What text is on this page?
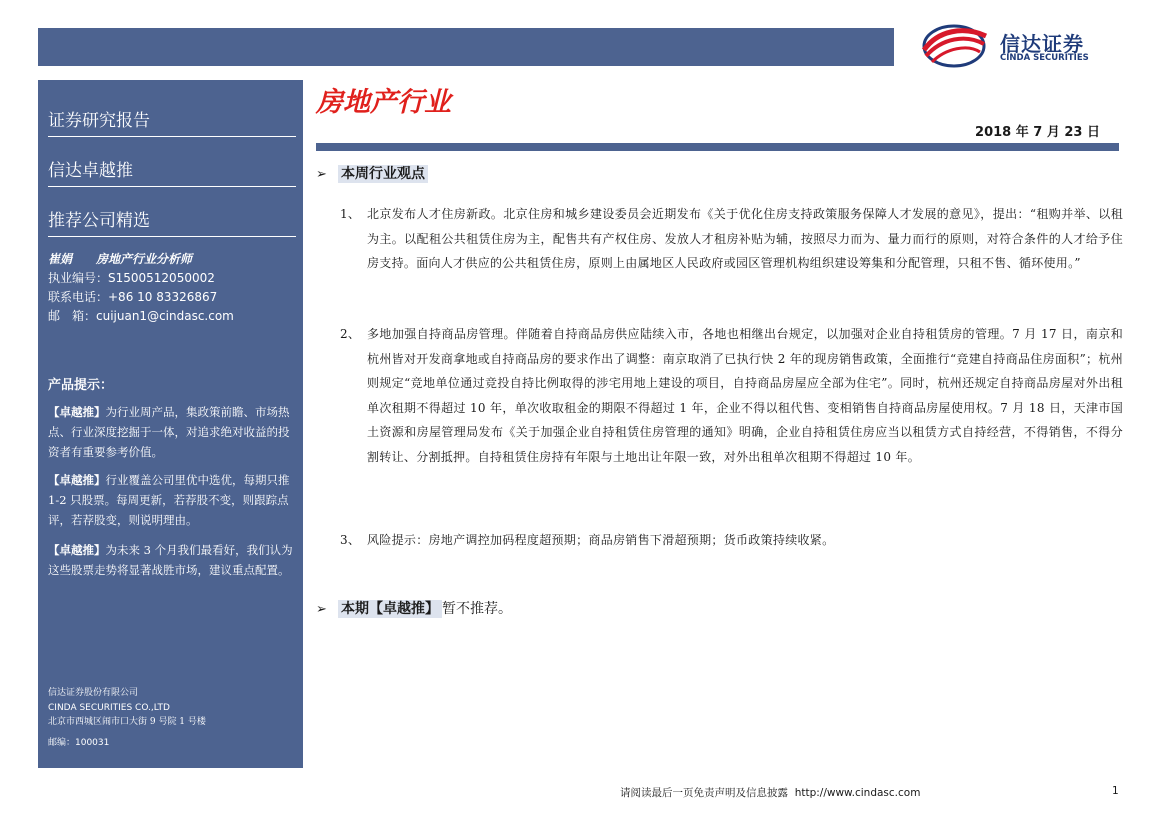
信达证券
CINDA SECURITIES
证券研究报告
信达卓越推
推荐公司精选
崔娟　　房地产行业分析师
执业编号：S1500512050002
联系电话：+86 10 83326867
邮　箱：cuijuan1@cindasc.com
产品提示：
【卓越推】为行业周产品，集政策前瞻、市场热点、行业深度挖掘于一体，对追求绝对收益的投资者有重要参考价值。
【卓越推】行业覆盖公司里优中选优，每期只推 1-2 只股票。每周更新，若荐股不变，则跟踪点评，若荐股变，则说明理由。
【卓越推】为未来 3 个月我们最看好，我们认为这些股票走势将显著战胜市场，建议重点配置。
信达证券股份有限公司
CINDA SECURITIES CO.,LTD
北京市西城区闹市口大街 9 号院 1 号楼
邮编：100031
房地产行业
2018 年 7 月 23 日
➢ 本周行业观点
1、 北京发布人才住房新政。北京住房和城乡建设委员会近期发布《关于优化住房支持政策服务保障人才发展的意见》，提出：“租购并举、以租为主。以配租公共租赁住房为主，配售共有产权住房、发放人才租房补贴为辅，按照尽力而为、量力而行的原则，对符合条件的人才给予住房支持。面向人才供应的公共租赁住房，原则上由属地区人民政府或园区管理机构组织建设筹集和分配管理，只租不售、循环使用。”
2、 多地加强自持商品房管理。伴随着自持商品房供应陆续入市，各地也相继出台规定，以加强对企业自持租赁房的管理。7 月 17 日，南京和杭州皆对开发商拿地或自持商品房的要求作出了调整：南京取消了已执行快 2 年的现房销售政策，全面推行“竞建自持商品住房面积”；杭州则规定“竞地单位通过竞投自持比例取得的涉宅用地上建设的项目，自持商品房屋应全部为住宅”。同时，杭州还规定自持商品房屋对外出租单次租期不得超过 10 年，单次收取租金的期限不得超过 1 年，企业不得以租代售、变相销售自持商品房屋使用权。7 月 18 日，天津市国土资源和房屋管理局发布《关于加强企业自持租赁住房管理的通知》明确，企业自持租赁住房应当以租赁方式自持经营，不得销售，不得分割转让、分割抵押。自持租赁住房持有年限与土地出让年限一致，对外出租单次租期不得超过 10 年。
3、 风险提示：房地产调控加码程度超预期；商品房销售下滑超预期；货币政策持续收紧。
➢ 本期【卓越推】 暂不推荐。
请阅读最后一页免责声明及信息披露 http://www.cindasc.com	1
